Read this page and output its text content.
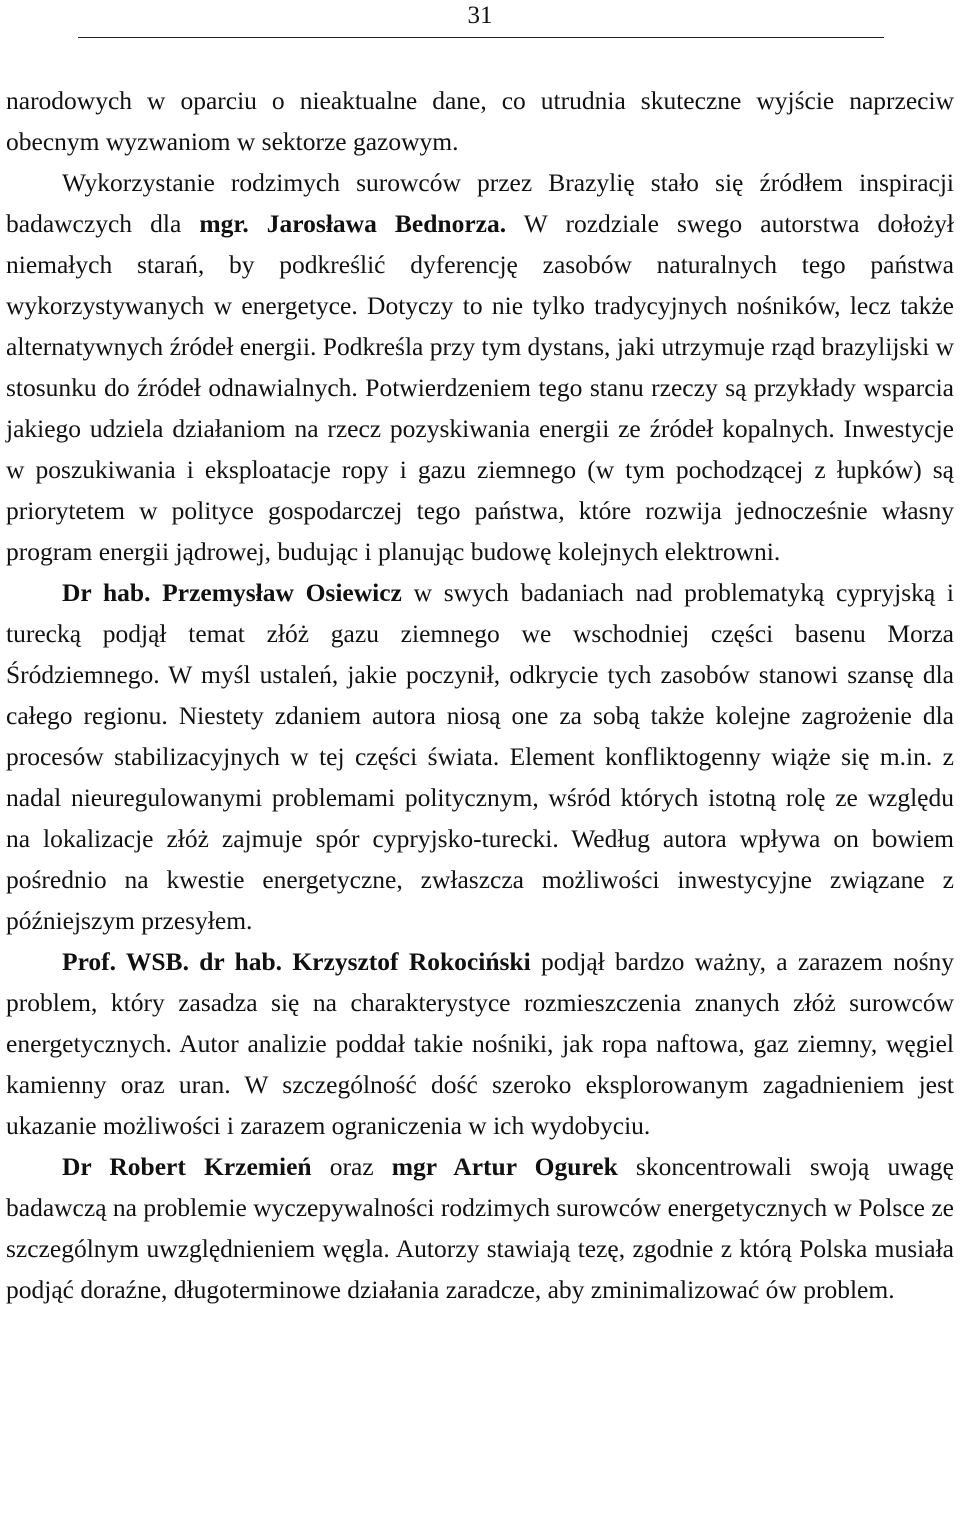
31

narodowych w oparciu o nieaktualne dane, co utrudnia skuteczne wyjście naprzeciw obecnym wyzwaniom w sektorze gazowym.

Wykorzystanie rodzimych surowców przez Brazylię stało się źródłem inspiracji badawczych dla mgr. Jarosława Bednorza. W rozdziale swego autorstwa dołożył niemałych starań, by podkreślić dyferencję zasobów naturalnych tego państwa wykorzystywanych w energetyce. Dotyczy to nie tylko tradycyjnych nośników, lecz także alternatywnych źródeł energii. Podkreśla przy tym dystans, jaki utrzymuje rząd brazylijski w stosunku do źródeł odnawialnych. Potwierdzeniem tego stanu rzeczy są przykłady wsparcia jakiego udziela działaniom na rzecz pozyskiwania energii ze źródeł kopalnych. Inwestycje w poszukiwania i eksploatacje ropy i gazu ziemnego (w tym pochodzącej z łupków) są priorytetem w polityce gospodarczej tego państwa, które rozwija jednocześnie własny program energii jądrowej, budując i planując budowę kolejnych elektrowni.

Dr hab. Przemysław Osiewicz w swych badaniach nad problematyką cypryjską i turecką podjął temat złóż gazu ziemnego we wschodniej części basenu Morza Śródziemnego. W myśl ustaleń, jakie poczynił, odkrycie tych zasobów stanowi szansę dla całego regionu. Niestety zdaniem autora niosą one za sobą także kolejne zagrożenie dla procesów stabilizacyjnych w tej części świata. Element konfliktogenny wiąże się m.in. z nadal nieuregulowanymi problemami politycznym, wśród których istotną rolę ze względu na lokalizacje złóż zajmuje spór cypryjsko-turecki. Według autora wpływa on bowiem pośrednio na kwestie energetyczne, zwłaszcza możliwości inwestycyjne związane z późniejszym przesyłem.

Prof. WSB. dr hab. Krzysztof Rokociński podjął bardzo ważny, a zarazem nośny problem, który zasadza się na charakterystyce rozmieszczenia znanych złóż surowców energetycznych. Autor analizie poddał takie nośniki, jak ropa naftowa, gaz ziemny, węgiel kamienny oraz uran. W szczególność dość szeroko eksplorowanym zagadnieniem jest ukazanie możliwości i zarazem ograniczenia w ich wydobyciu.

Dr Robert Krzemień oraz mgr Artur Ogurek skoncentrowali swoją uwagę badawczą na problemie wyczepywalności rodzimych surowców energetycznych w Polsce ze szczególnym uwzględnieniem węgla. Autorzy stawiają tezę, zgodnie z którą Polska musiała podjąć doraźne, długoterminowe działania zaradcze, aby zminimalizować ów problem.
